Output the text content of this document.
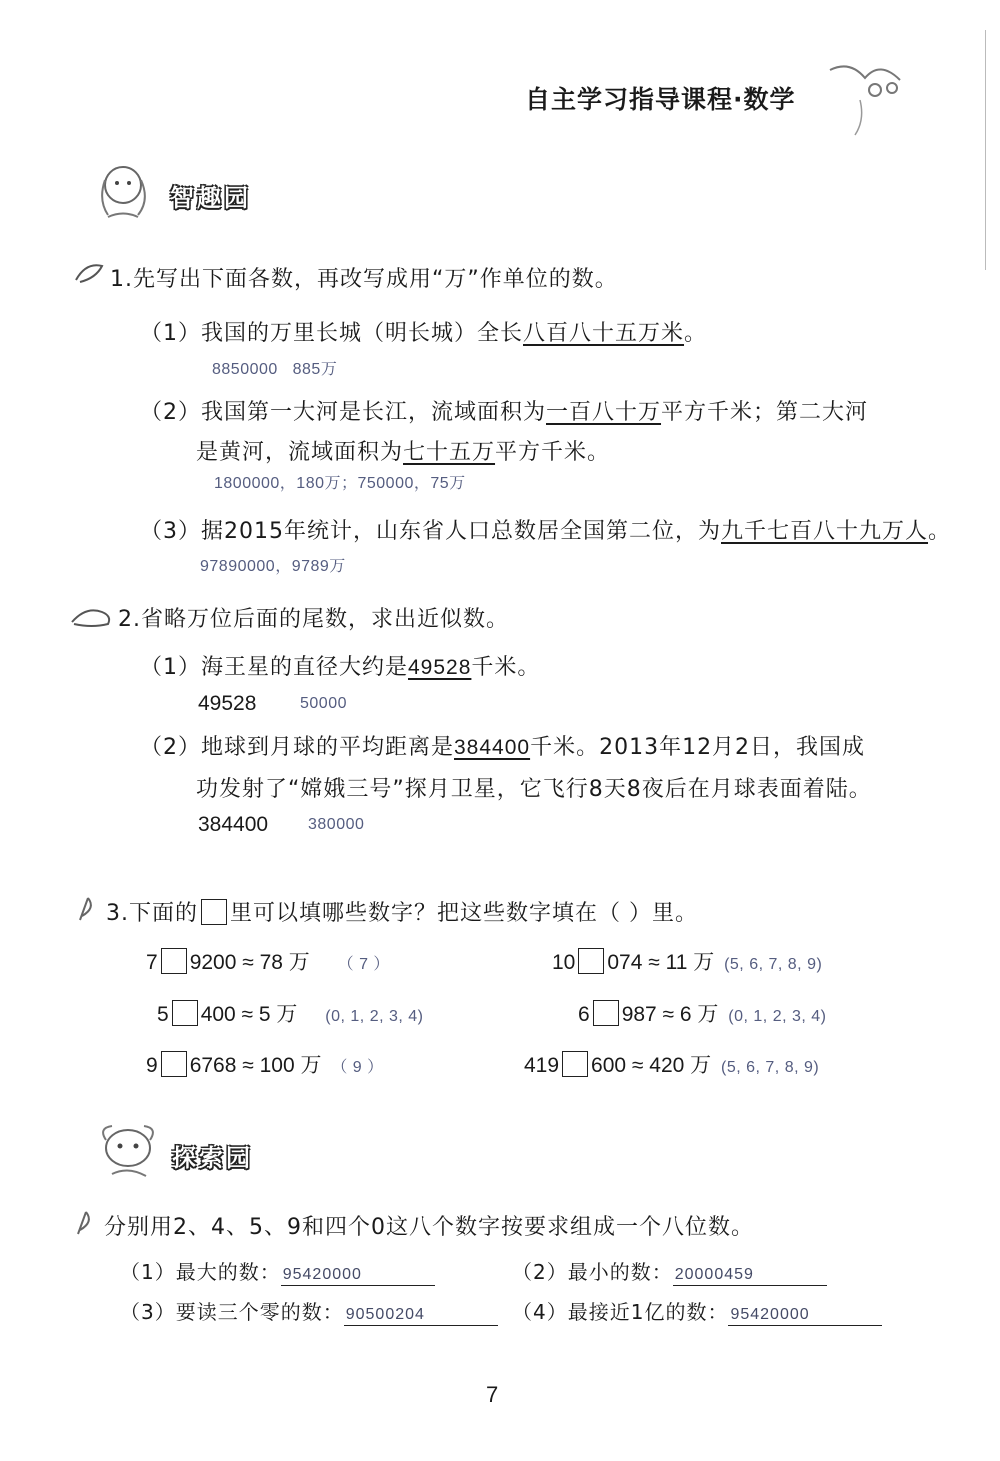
自主学习指导课程·数学
智趣园
1.先写出下面各数，再改写成用“万”作单位的数。
（1）我国的万里长城（明长城）全长八百八十五万米。
8850000   885万
（2）我国第一大河是长江，流域面积为一百八十万平方千米；第二大河
是黄河，流域面积为七十五万平方千米。
1800000，180万；750000，75万
（3）据2015年统计，山东省人口总数居全国第二位，为九千七百八十九万人。
97890000，9789万
2.省略万位后面的尾数，求出近似数。
（1）海王星的直径大约是49528千米。
49528	50000
（2）地球到月球的平均距离是384400千米。2013年12月2日，我国成
功发射了“嫦娥三号”探月卫星，它飞行8天8夜后在月球表面着陆。
384400 380000
3.下面的 里可以填哪些数字？把这些数字填在（ ）里。
7 9200 ≈ 78 万 （ 7 ）	10 074 ≈ 11 万 (5, 6, 7, 8, 9)
5 400 ≈ 5 万 (0, 1, 2, 3, 4)	6 987 ≈ 6 万 (0, 1, 2, 3, 4)
9 6768 ≈ 100 万 （ 9 ）	419 600 ≈ 420 万 (5, 6, 7, 8, 9)
探索园
分别用2、4、5、9和四个0这八个数字按要求组成一个八位数。
（1）最大的数： 95420000	（2）最小的数： 20000459
（3）要读三个零的数： 90500204	（4）最接近1亿的数： 95420000
7
